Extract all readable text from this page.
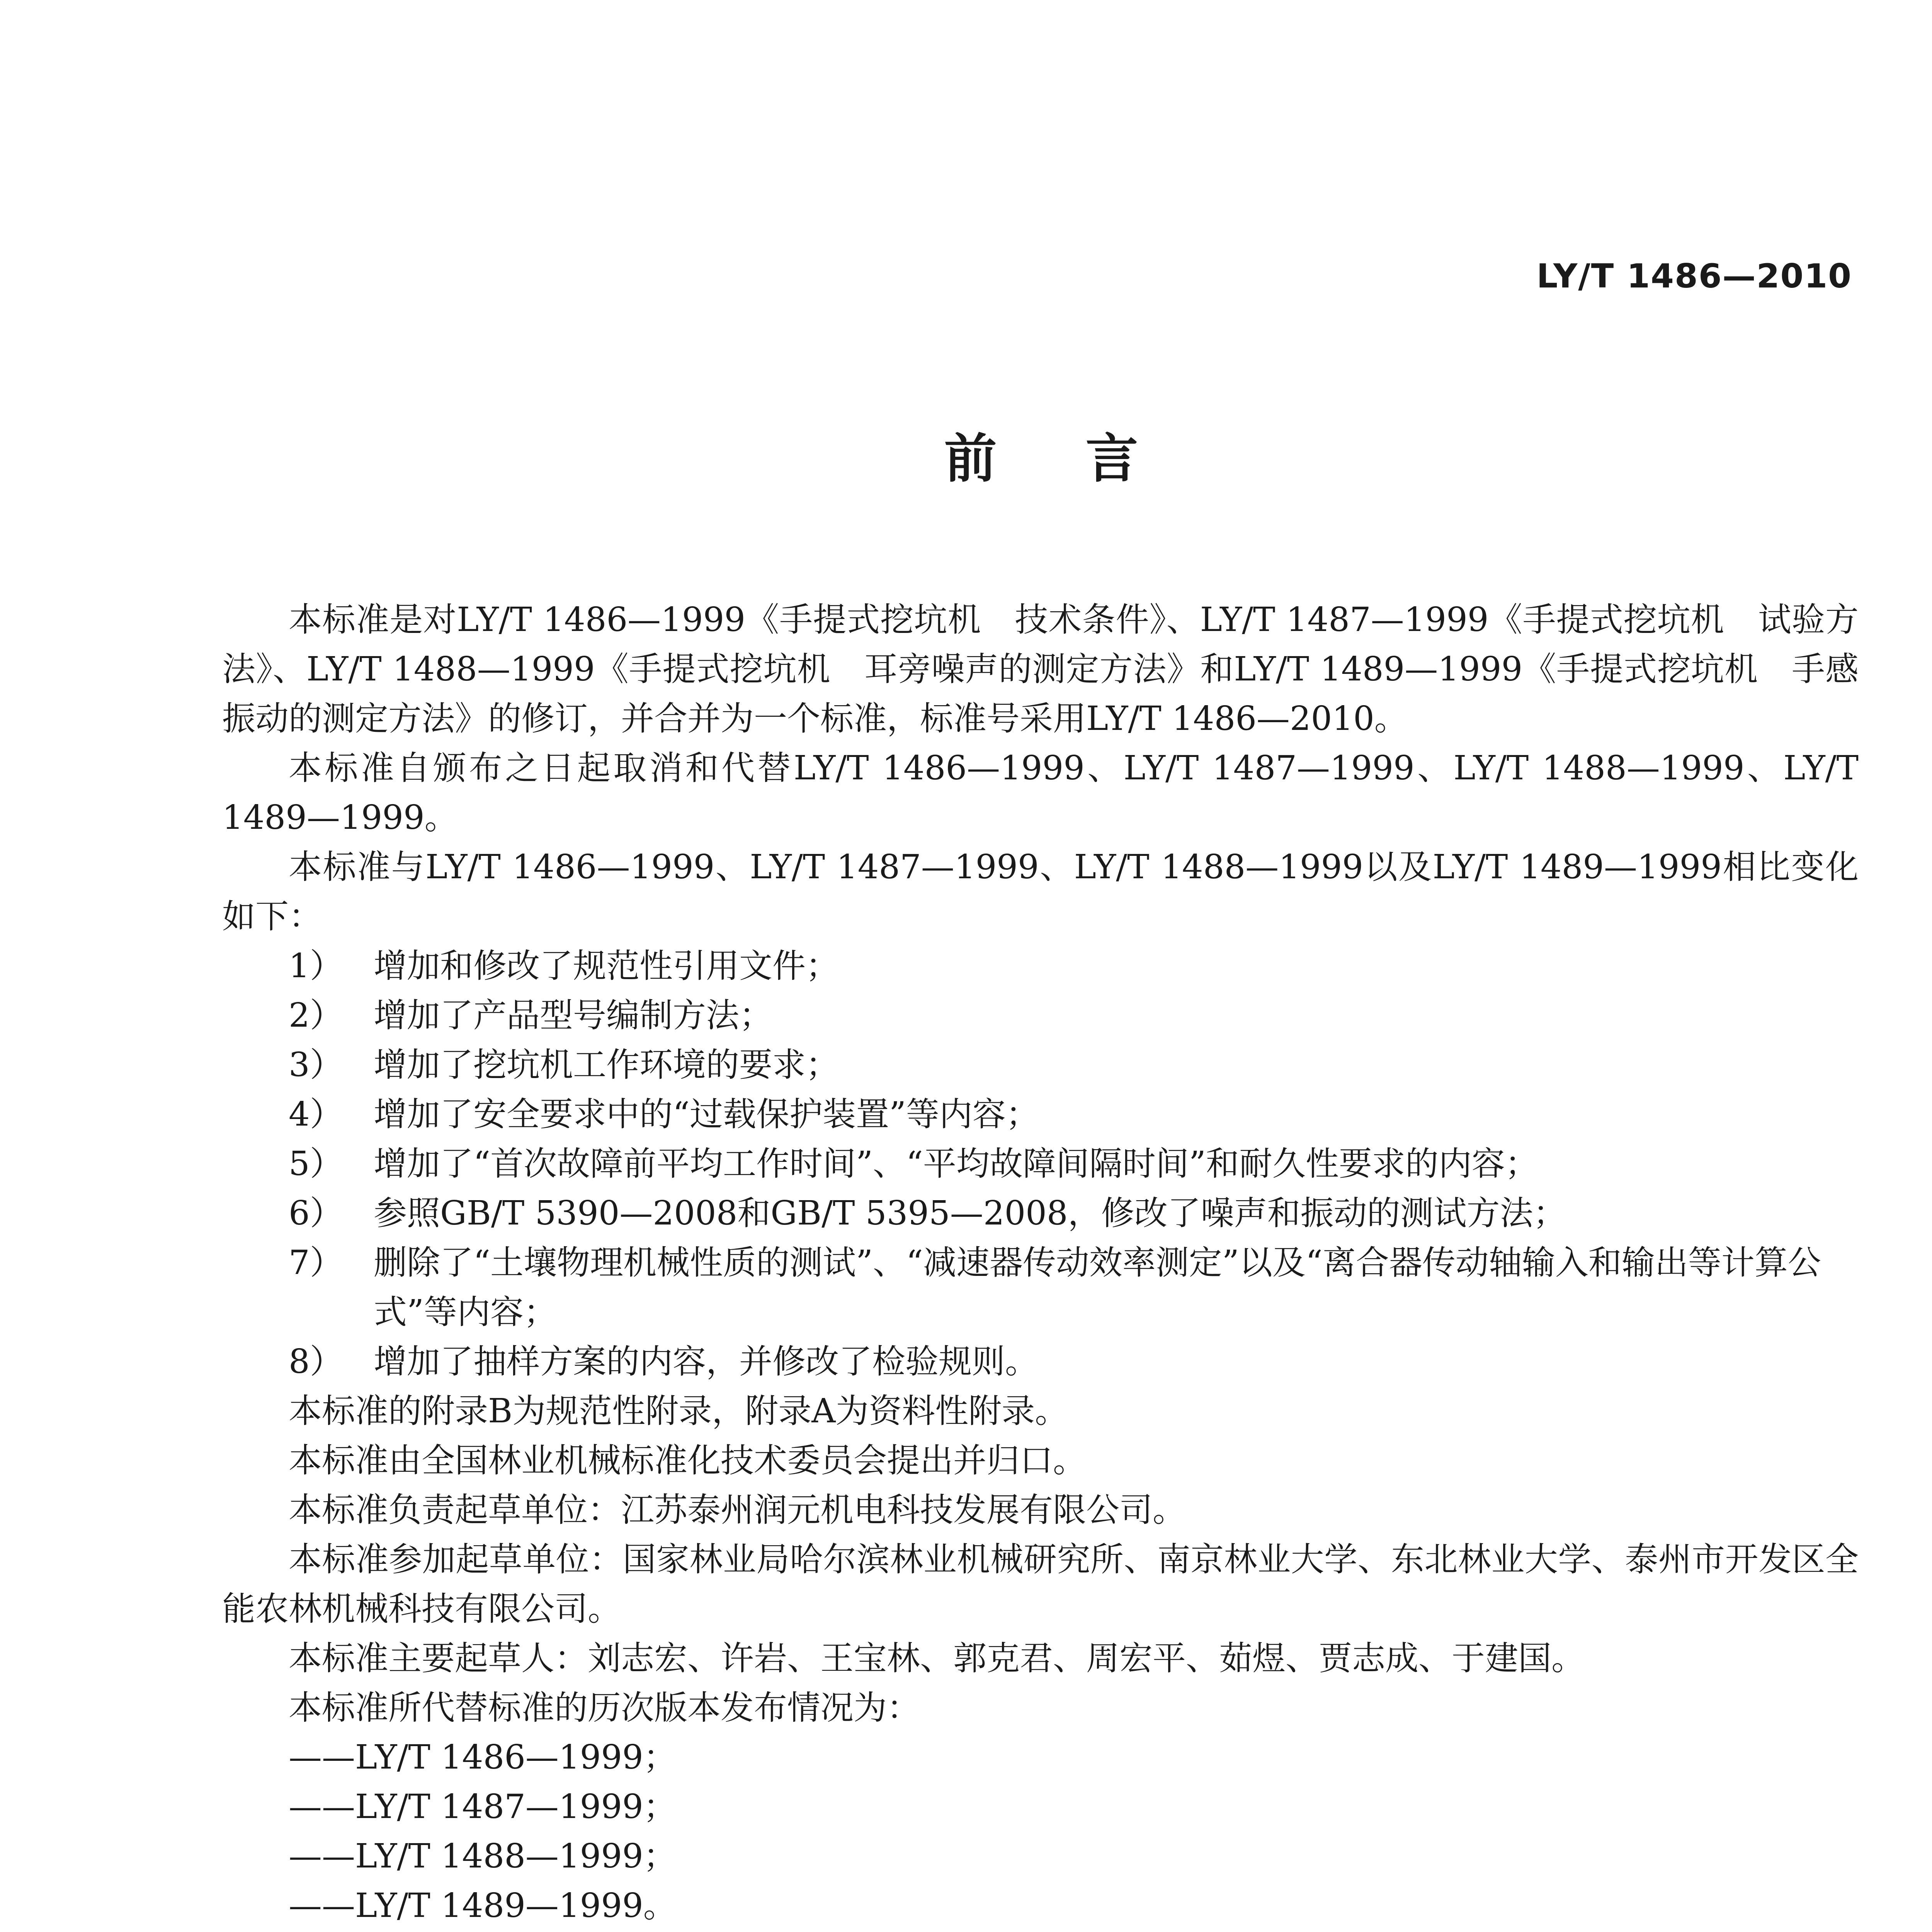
LY/T 1486—2010
前言

本标准是对LY/T 1486—1999《手提式挖坑机　技术条件》、LY/T 1487—1999《手提式挖坑机　试验方法》、LY/T 1488—1999《手提式挖坑机　耳旁噪声的测定方法》和LY/T 1489—1999《手提式挖坑机　手感振动的测定方法》的修订，并合并为一个标准，标准号采用LY/T 1486—2010。

本标准自颁布之日起取消和代替LY/T 1486—1999、LY/T 1487—1999、LY/T 1488—1999、LY/T 1489—1999。

本标准与LY/T 1486—1999、LY/T 1487—1999、LY/T 1488—1999以及LY/T 1489—1999相比变化如下：

1） 增加和修改了规范性引用文件；
2） 增加了产品型号编制方法；
3） 增加了挖坑机工作环境的要求；
4） 增加了安全要求中的“过载保护装置”等内容；
5） 增加了“首次故障前平均工作时间”、“平均故障间隔时间”和耐久性要求的内容；
6） 参照GB/T 5390—2008和GB/T 5395—2008，修改了噪声和振动的测试方法；
7） 删除了“土壤物理机械性质的测试”、“减速器传动效率测定”以及“离合器传动轴输入和输出等计算公式”等内容；
8） 增加了抽样方案的内容，并修改了检验规则。

本标准的附录B为规范性附录，附录A为资料性附录。

本标准由全国林业机械标准化技术委员会提出并归口。

本标准负责起草单位：江苏泰州润元机电科技发展有限公司。

本标准参加起草单位：国家林业局哈尔滨林业机械研究所、南京林业大学、东北林业大学、泰州市开发区全能农林机械科技有限公司。

本标准主要起草人：刘志宏、许岩、王宝林、郭克君、周宏平、茹煜、贾志成、于建国。

本标准所代替标准的历次版本发布情况为：

——LY/T 1486—1999；

——LY/T 1487—1999；

——LY/T 1488—1999；

——LY/T 1489—1999。
